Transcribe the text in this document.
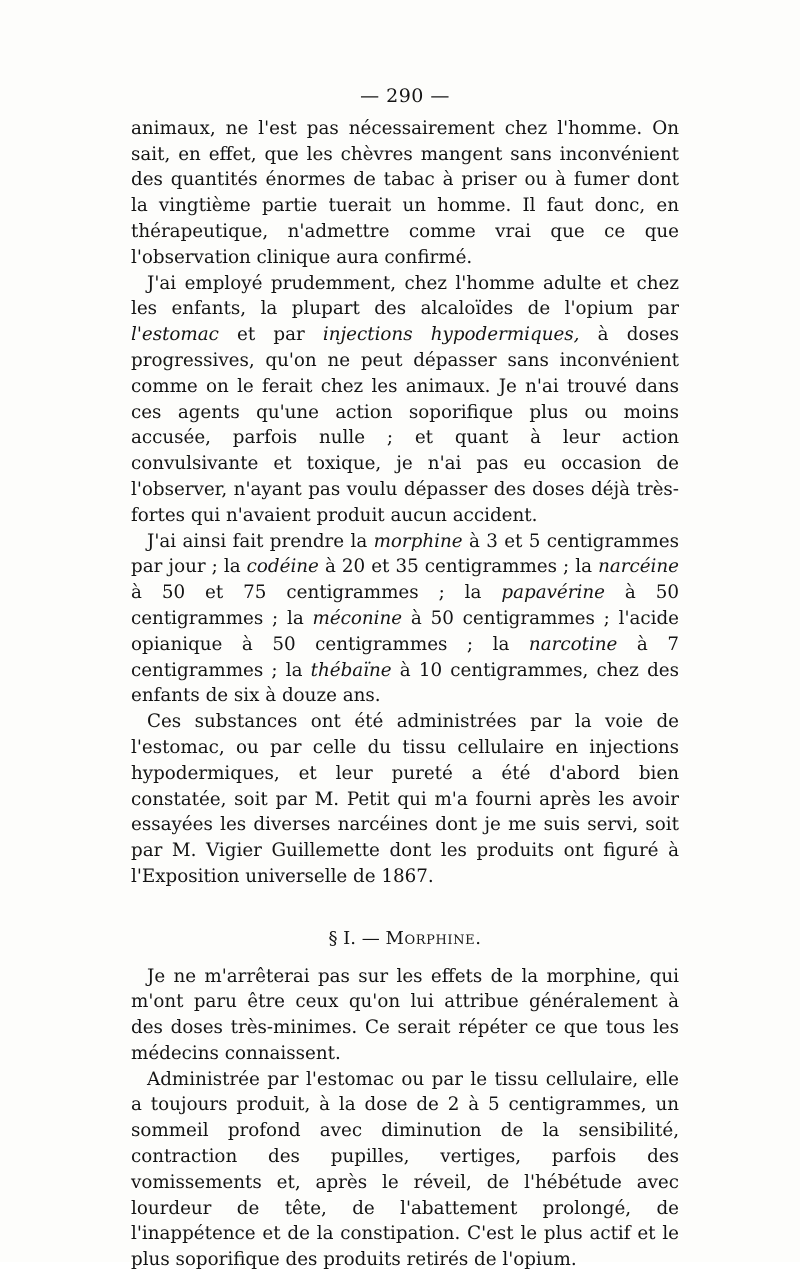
— 290 —

animaux, ne l'est pas nécessairement chez l'homme. On sait, en effet, que les chèvres mangent sans inconvénient des quantités énormes de tabac à priser ou à fumer dont la vingtième partie tuerait un homme. Il faut donc, en thérapeutique, n'admettre comme vrai que ce que l'observation clinique aura confirmé.

J'ai employé prudemment, chez l'homme adulte et chez les enfants, la plupart des alcaloïdes de l'opium par l'estomac et par injections hypodermiques, à doses progressives, qu'on ne peut dépasser sans inconvénient comme on le ferait chez les animaux. Je n'ai trouvé dans ces agents qu'une action soporifique plus ou moins accusée, parfois nulle ; et quant à leur action convulsivante et toxique, je n'ai pas eu occasion de l'observer, n'ayant pas voulu dépasser des doses déjà très-fortes qui n'avaient produit aucun accident.

J'ai ainsi fait prendre la morphine à 3 et 5 centigrammes par jour ; la codéine à 20 et 35 centigrammes ; la narcéine à 50 et 75 centigrammes ; la papavérine à 50 centigrammes ; la méconine à 50 centigrammes ; l'acide opianique à 50 centigrammes ; la narcotine à 7 centigrammes ; la thébaïne à 10 centigrammes, chez des enfants de six à douze ans.

Ces substances ont été administrées par la voie de l'estomac, ou par celle du tissu cellulaire en injections hypodermiques, et leur pureté a été d'abord bien constatée, soit par M. Petit qui m'a fourni après les avoir essayées les diverses narcéines dont je me suis servi, soit par M. Vigier Guillemette dont les produits ont figuré à l'Exposition universelle de 1867.

§ I. — Morphine.

Je ne m'arrêterai pas sur les effets de la morphine, qui m'ont paru être ceux qu'on lui attribue généralement à des doses très-minimes. Ce serait répéter ce que tous les médecins connaissent.

Administrée par l'estomac ou par le tissu cellulaire, elle a toujours produit, à la dose de 2 à 5 centigrammes, un sommeil profond avec diminution de la sensibilité, contraction des pupilles, vertiges, parfois des vomissements et, après le réveil, de l'hébétude avec lourdeur de tête, de l'abattement prolongé, de l'inappétence et de la constipation. C'est le plus actif et le plus soporifique des produits retirés de l'opium.
